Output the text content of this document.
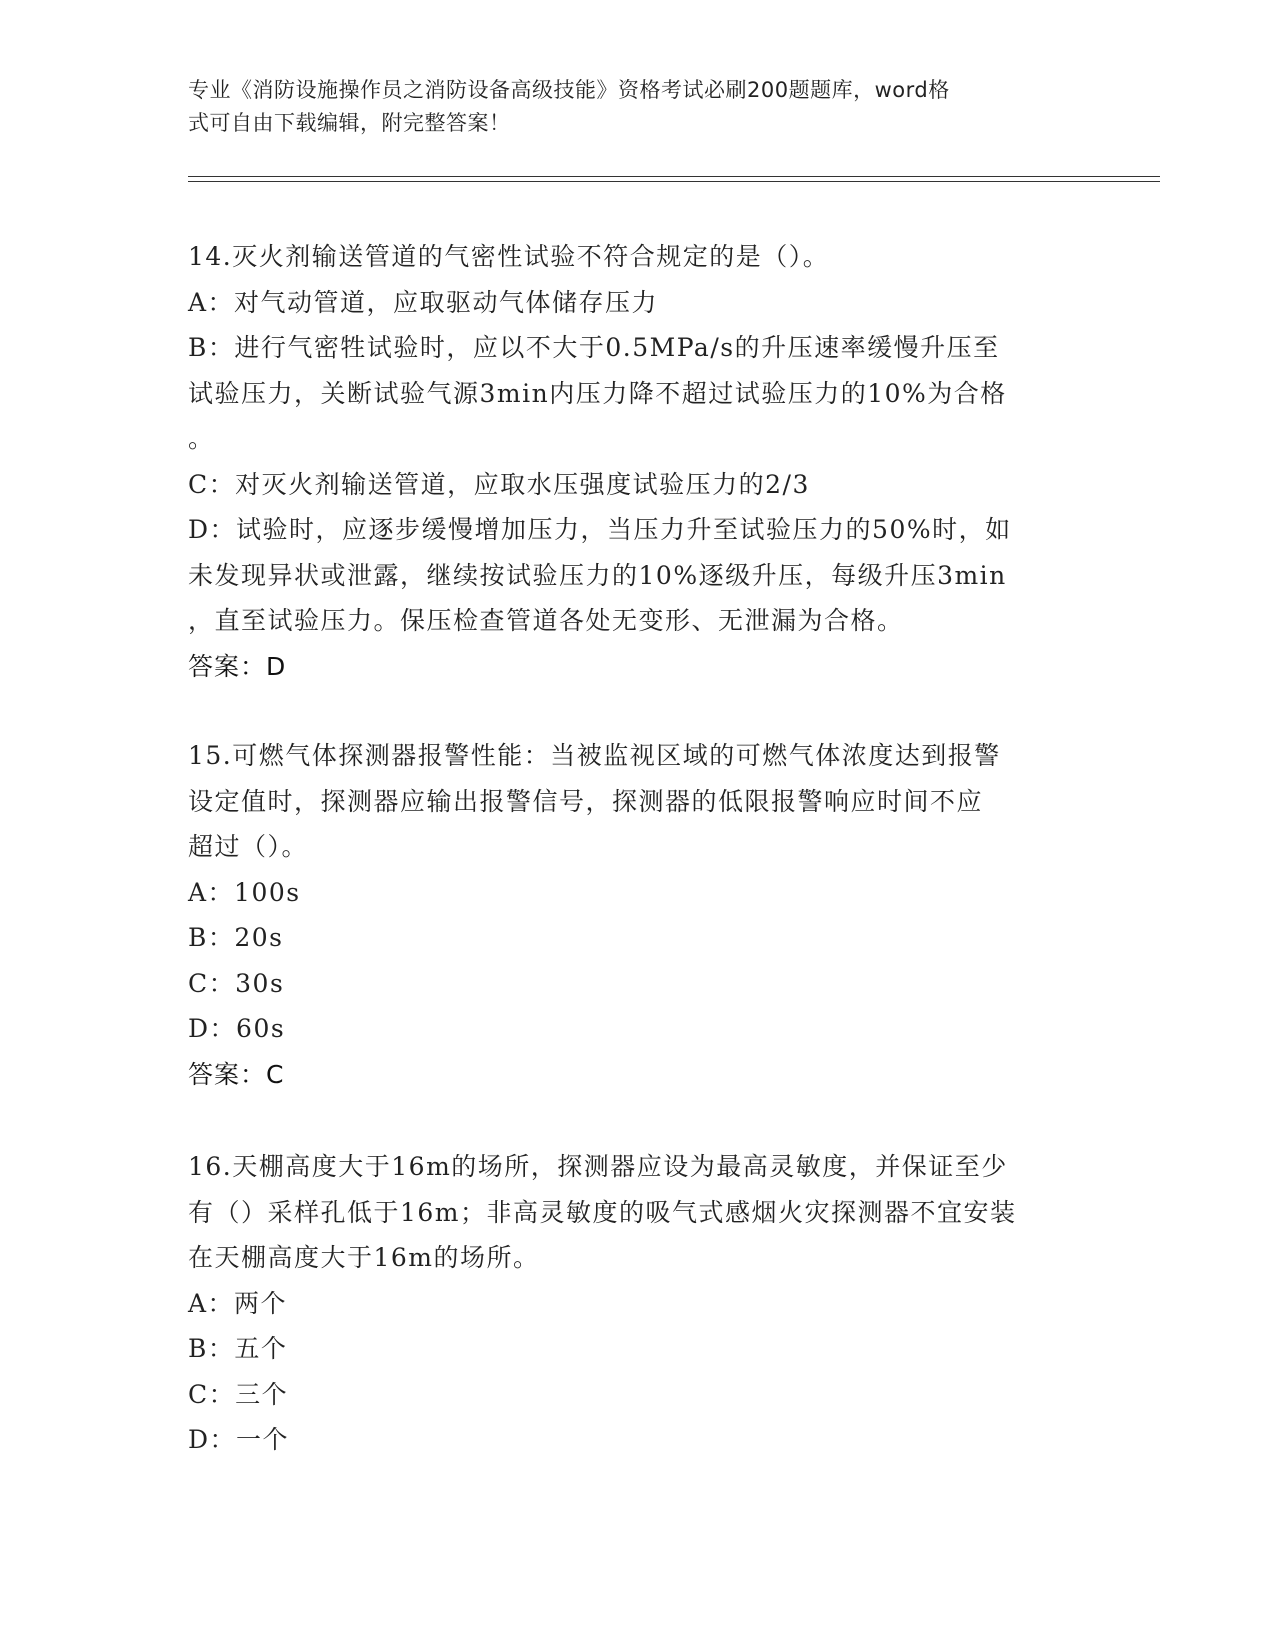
专业《消防设施操作员之消防设备高级技能》资格考试必刷200题题库，word格
式可自由下载编辑，附完整答案！
14.灭火剂输送管道的气密性试验不符合规定的是（）。
A：对气动管道，应取驱动气体储存压力
B：进行气密牲试验时，应以不大于0.5MPa/s的升压速率缓慢升压至
试验压力，关断试验气源3min内压力降不超过试验压力的10%为合格
。
C：对灭火剂输送管道，应取水压强度试验压力的2/3
D：试验时，应逐步缓慢增加压力，当压力升至试验压力的50%时，如
未发现异状或泄露，继续按试验压力的10%逐级升压，每级升压3min
，直至试验压力。保压检查管道各处无变形、无泄漏为合格。
答案：D
15.可燃气体探测器报警性能：当被监视区域的可燃气体浓度达到报警
设定值时，探测器应输出报警信号，探测器的低限报警响应时间不应
超过（）。
A：100s
B：20s
C：30s
D：60s
答案：C
16.天棚高度大于16m的场所，探测器应设为最高灵敏度，并保证至少
有（）采样孔低于16m；非高灵敏度的吸气式感烟火灾探测器不宜安装
在天棚高度大于16m的场所。
A：两个
B：五个
C：三个
D：一个
